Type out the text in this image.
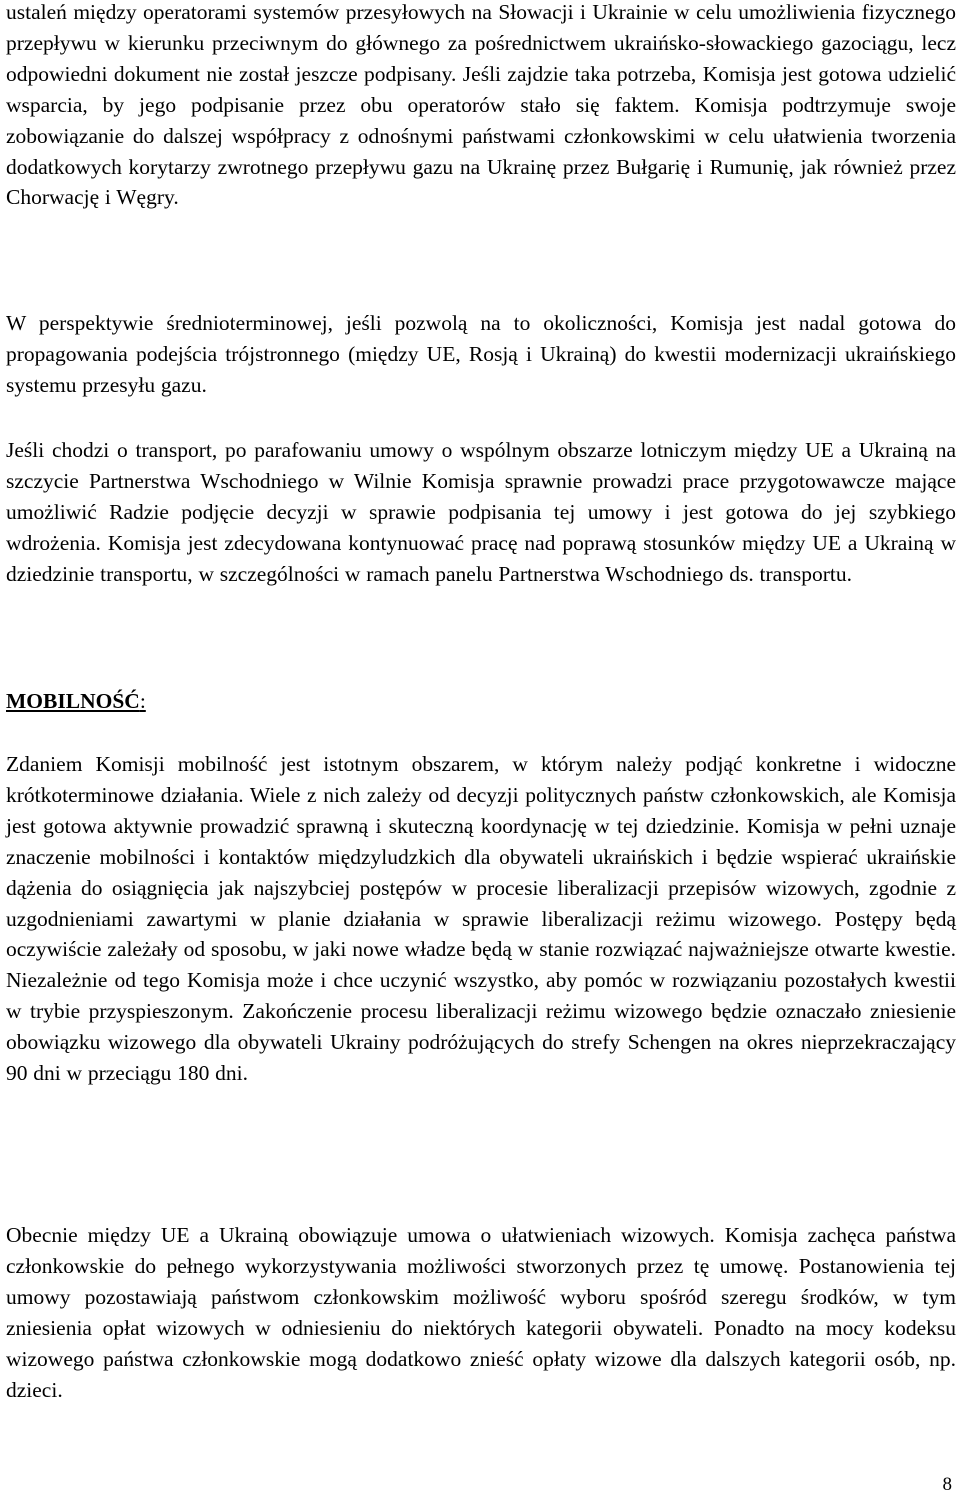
ustaleń między operatorami systemów przesyłowych na Słowacji i Ukrainie w celu umożliwienia fizycznego przepływu w kierunku przeciwnym do głównego za pośrednictwem ukraińsko-słowackiego gazociągu, lecz odpowiedni dokument nie został jeszcze podpisany. Jeśli zajdzie taka potrzeba, Komisja jest gotowa udzielić wsparcia, by jego podpisanie przez obu operatorów stało się faktem. Komisja podtrzymuje swoje zobowiązanie do dalszej współpracy z odnośnymi państwami członkowskimi w celu ułatwienia tworzenia dodatkowych korytarzy zwrotnego przepływu gazu na Ukrainę przez Bułgarię i Rumunię, jak również przez Chorwację i Węgry.

W perspektywie średnioterminowej, jeśli pozwolą na to okoliczności, Komisja jest nadal gotowa do propagowania podejścia trójstronnego (między UE, Rosją i Ukrainą) do kwestii modernizacji ukraińskiego systemu przesyłu gazu.

Jeśli chodzi o transport, po parafowaniu umowy o wspólnym obszarze lotniczym między UE a Ukrainą na szczycie Partnerstwa Wschodniego w Wilnie Komisja sprawnie prowadzi prace przygotowawcze mające umożliwić Radzie podjęcie decyzji w sprawie podpisania tej umowy i jest gotowa do jej szybkiego wdrożenia. Komisja jest zdecydowana kontynuować pracę nad poprawą stosunków między UE a Ukrainą w dziedzinie transportu, w szczególności w ramach panelu Partnerstwa Wschodniego ds. transportu.

MOBILNOŚĆ:

Zdaniem Komisji mobilność jest istotnym obszarem, w którym należy podjąć konkretne i widoczne krótkoterminowe działania. Wiele z nich zależy od decyzji politycznych państw członkowskich, ale Komisja jest gotowa aktywnie prowadzić sprawną i skuteczną koordynację w tej dziedzinie. Komisja w pełni uznaje znaczenie mobilności i kontaktów międzyludzkich dla obywateli ukraińskich i będzie wspierać ukraińskie dążenia do osiągnięcia jak najszybciej postępów w procesie liberalizacji przepisów wizowych, zgodnie z uzgodnieniami zawartymi w planie działania w sprawie liberalizacji reżimu wizowego. Postępy będą oczywiście zależały od sposobu, w jaki nowe władze będą w stanie rozwiązać najważniejsze otwarte kwestie. Niezależnie od tego Komisja może i chce uczynić wszystko, aby pomóc w rozwiązaniu pozostałych kwestii w trybie przyspieszonym. Zakończenie procesu liberalizacji reżimu wizowego będzie oznaczało zniesienie obowiązku wizowego dla obywateli Ukrainy podróżujących do strefy Schengen na okres nieprzekraczający 90 dni w przeciągu 180 dni.

Obecnie między UE a Ukrainą obowiązuje umowa o ułatwieniach wizowych. Komisja zachęca państwa członkowskie do pełnego wykorzystywania możliwości stworzonych przez tę umowę. Postanowienia tej umowy pozostawiają państwom członkowskim możliwość wyboru spośród szeregu środków, w tym zniesienia opłat wizowych w odniesieniu do niektórych kategorii obywateli. Ponadto na mocy kodeksu wizowego państwa członkowskie mogą dodatkowo znieść opłaty wizowe dla dalszych kategorii osób, np. dzieci.

8
